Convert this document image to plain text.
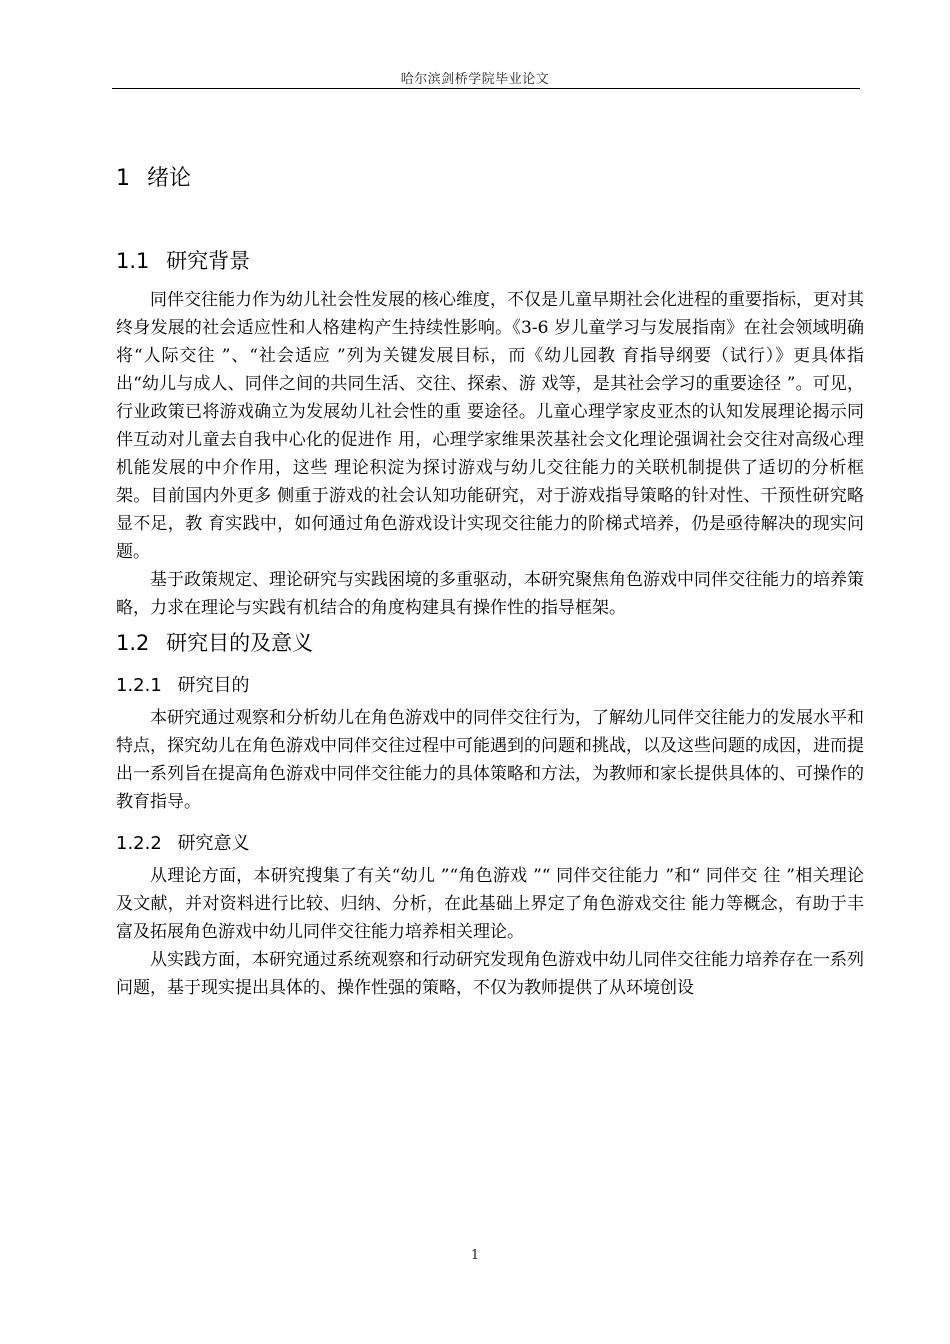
哈尔滨剑桥学院毕业论文
1 绪论
1.1 研究背景

同伴交往能力作为幼儿社会性发展的核心维度，不仅是儿童早期社会化进程的重要指标，更对其终身发展的社会适应性和人格建构产生持续性影响。《3-6 岁儿童学习与发展指南》在社会领域明确将“人际交往 ”、“社会适应 ”列为关键发展目标，而《幼儿园教 育指导纲要（试行）》更具体指出“幼儿与成人、同伴之间的共同生活、交往、探索、游 戏等，是其社会学习的重要途径 ”。可见，行业政策已将游戏确立为发展幼儿社会性的重 要途径。儿童心理学家皮亚杰的认知发展理论揭示同伴互动对儿童去自我中心化的促进作 用，心理学家维果茨基社会文化理论强调社会交往对高级心理机能发展的中介作用，这些 理论积淀为探讨游戏与幼儿交往能力的关联机制提供了适切的分析框架。目前国内外更多 侧重于游戏的社会认知功能研究，对于游戏指导策略的针对性、干预性研究略显不足，教 育实践中，如何通过角色游戏设计实现交往能力的阶梯式培养，仍是亟待解决的现实问题。

基于政策规定、理论研究与实践困境的多重驱动，本研究聚焦角色游戏中同伴交往能力的培养策略，力求在理论与实践有机结合的角度构建具有操作性的指导框架。

1.2 研究目的及意义
1.2.1 研究目的

本研究通过观察和分析幼儿在角色游戏中的同伴交往行为，了解幼儿同伴交往能力的发展水平和特点，探究幼儿在角色游戏中同伴交往过程中可能遇到的问题和挑战，以及这些问题的成因，进而提出一系列旨在提高角色游戏中同伴交往能力的具体策略和方法，为教师和家长提供具体的、可操作的教育指导。

1.2.2 研究意义

从理论方面，本研究搜集了有关“幼儿 ”“角色游戏 ”“ 同伴交往能力 ”和“ 同伴交 往 ”相关理论及文献，并对资料进行比较、归纳、分析，在此基础上界定了角色游戏交往 能力等概念，有助于丰富及拓展角色游戏中幼儿同伴交往能力培养相关理论。

从实践方面，本研究通过系统观察和行动研究发现角色游戏中幼儿同伴交往能力培养存在一系列问题，基于现实提出具体的、操作性强的策略，不仅为教师提供了从环境创设

1
